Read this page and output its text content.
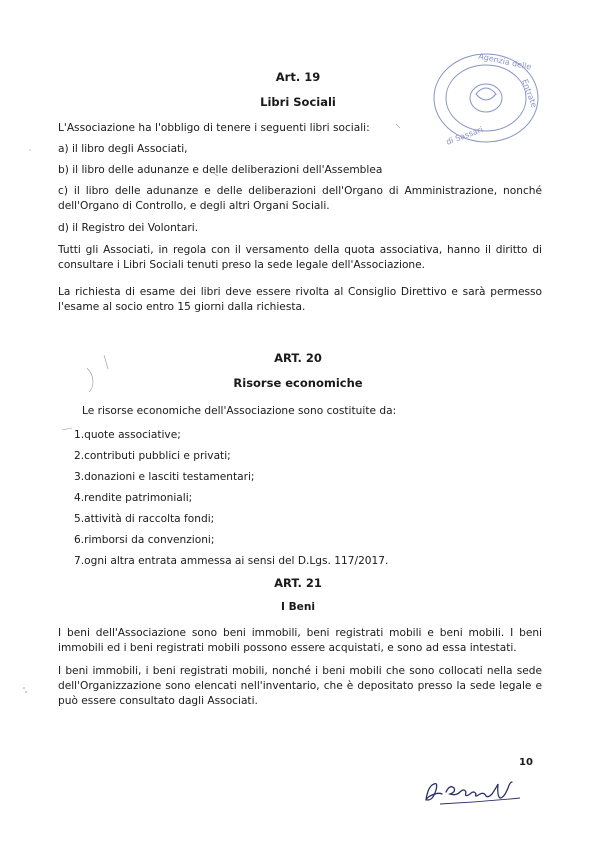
Agenzia delle
Entrate
di Sassari
Art. 19
Libri Sociali

L'Associazione ha l'obbligo di tenere i seguenti libri sociali:

a) il libro degli Associati,

b) il libro delle adunanze e delle deliberazioni dell'Assemblea

c) il libro delle adunanze e delle deliberazioni dell'Organo di Amministrazione, nonché dell'Organo di Controllo, e degli altri Organi Sociali.

d) il Registro dei Volontari.

Tutti gli Associati, in regola con il versamento della quota associativa, hanno il diritto di consultare i Libri Sociali tenuti preso la sede legale dell'Associazione.

La richiesta di esame dei libri deve essere rivolta al Consiglio Direttivo e sarà permesso l'esame al socio entro 15 giorni dalla richiesta.

ART. 20
Risorse economiche

Le risorse economiche dell'Associazione sono costituite da:

1.quote associative;

2.contributi pubblici e privati;

3.donazioni e lasciti testamentari;

4.rendite patrimoniali;

5.attività di raccolta fondi;

6.rimborsi da convenzioni;

7.ogni altra entrata ammessa ai sensi del D.Lgs. 117/2017.

ART. 21
I Beni

I beni dell'Associazione sono beni immobili, beni registrati mobili e beni mobili. I beni immobili ed i beni registrati mobili possono essere acquistati, e sono ad essa intestati.

I beni immobili, i beni registrati mobili, nonché i beni mobili che sono collocati nella sede dell'Organizzazione sono elencati nell'inventario, che è depositato presso la sede legale e può essere consultato dagli Associati.

10
